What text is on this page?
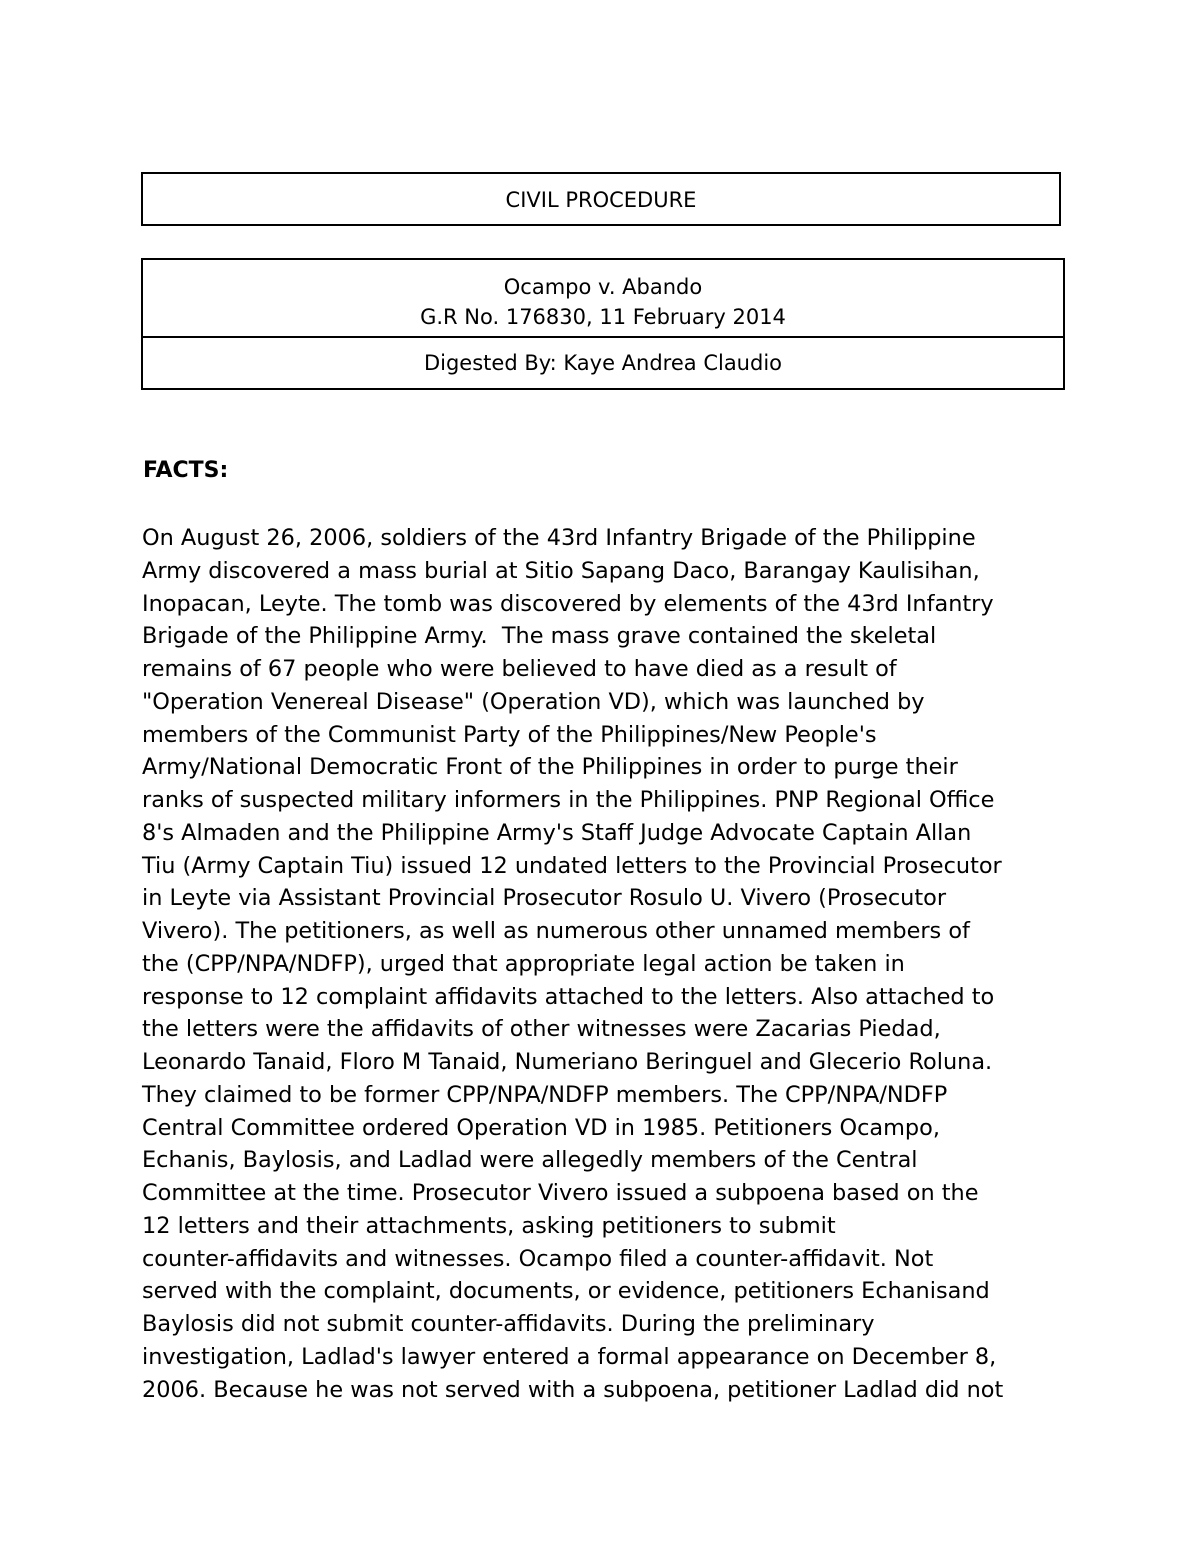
CIVIL PROCEDURE
Ocampo v. Abando
G.R No. 176830, 11 February 2014
Digested By: Kaye Andrea Claudio
FACTS:

On August 26, 2006, soldiers of the 43rd Infantry Brigade of the Philippine
Army discovered a mass burial at Sitio Sapang Daco, Barangay Kaulisihan,
Inopacan, Leyte. The tomb was discovered by elements of the 43rd Infantry
Brigade of the Philippine Army.  The mass grave contained the skeletal
remains of 67 people who were believed to have died as a result of
"Operation Venereal Disease" (Operation VD), which was launched by
members of the Communist Party of the Philippines/New People's
Army/National Democratic Front of the Philippines in order to purge their
ranks of suspected military informers in the Philippines. PNP Regional Office
8's Almaden and the Philippine Army's Staff Judge Advocate Captain Allan
Tiu (Army Captain Tiu) issued 12 undated letters to the Provincial Prosecutor
in Leyte via Assistant Provincial Prosecutor Rosulo U. Vivero (Prosecutor
Vivero). The petitioners, as well as numerous other unnamed members of
the (CPP/NPA/NDFP), urged that appropriate legal action be taken in
response to 12 complaint affidavits attached to the letters. Also attached to
the letters were the affidavits of other witnesses were Zacarias Piedad,
Leonardo Tanaid, Floro M Tanaid, Numeriano Beringuel and Glecerio Roluna.
They claimed to be former CPP/NPA/NDFP members. The CPP/NPA/NDFP
Central Committee ordered Operation VD in 1985. Petitioners Ocampo,
Echanis, Baylosis, and Ladlad were allegedly members of the Central
Committee at the time. Prosecutor Vivero issued a subpoena based on the
12 letters and their attachments, asking petitioners to submit
counter-affidavits and witnesses. Ocampo filed a counter-affidavit. Not
served with the complaint, documents, or evidence, petitioners Echanisand
Baylosis did not submit counter-affidavits. During the preliminary
investigation, Ladlad's lawyer entered a formal appearance on December 8,
2006. Because he was not served with a subpoena, petitioner Ladlad did not
